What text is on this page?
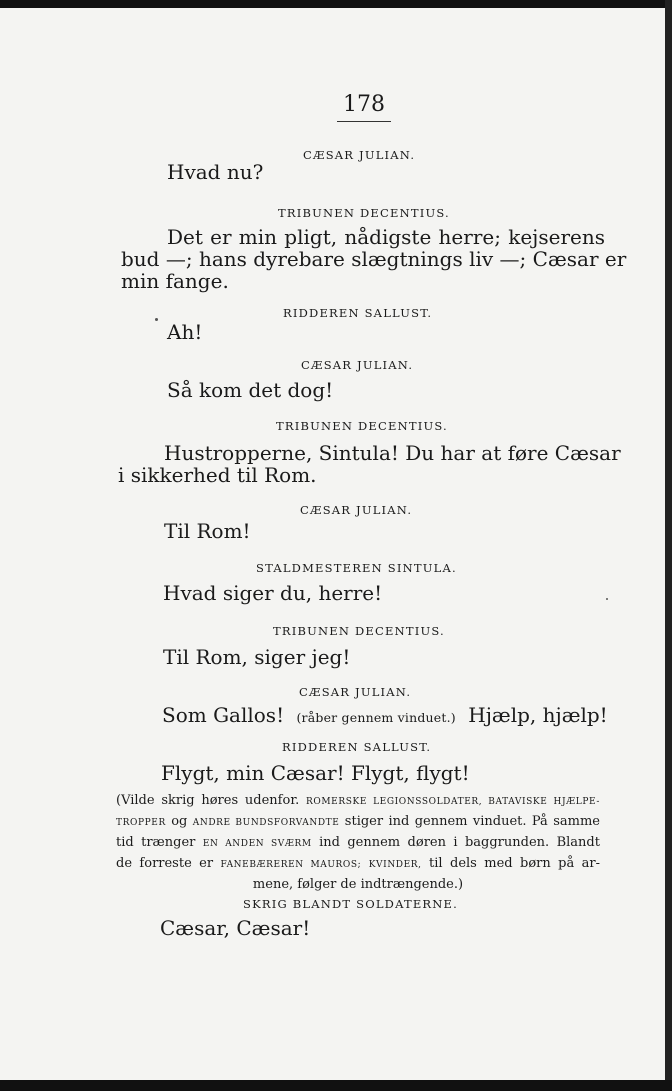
178
CÆSAR JULIAN.
Hvad nu?
TRIBUNEN DECENTIUS.
Det er min pligt, nådigste herre; kejserens
bud —; hans dyrebare slægtnings liv —; Cæsar er
min fange.
RIDDEREN SALLUST.
Ah!
CÆSAR JULIAN.
Så kom det dog!
TRIBUNEN DECENTIUS.
Hustropperne, Sintula! Du har at føre Cæsar
i sikkerhed til Rom.
CÆSAR JULIAN.
Til Rom!
STALDMESTEREN SINTULA.
Hvad siger du, herre!
TRIBUNEN DECENTIUS.
Til Rom, siger jeg!
CÆSAR JULIAN.
Som Gallos! (råber gennem vinduet.) Hjælp, hjælp!
RIDDEREN SALLUST.
Flygt, min Cæsar! Flygt, flygt!
(Vilde skrig høres udenfor. ROMERSKE LEGIONSSOLDATER, BATAVISKE HJÆLPE-
TROPPER og ANDRE BUNDSFORVANDTE stiger ind gennem vinduet. På samme
tid trænger EN ANDEN SVÆRM ind gennem døren i baggrunden. Blandt
de forreste er FANEBÆREREN MAUROS; KVINDER, til dels med børn på ar-
mene, følger de indtrængende.)
SKRIG BLANDT SOLDATERNE.
Cæsar, Cæsar!
